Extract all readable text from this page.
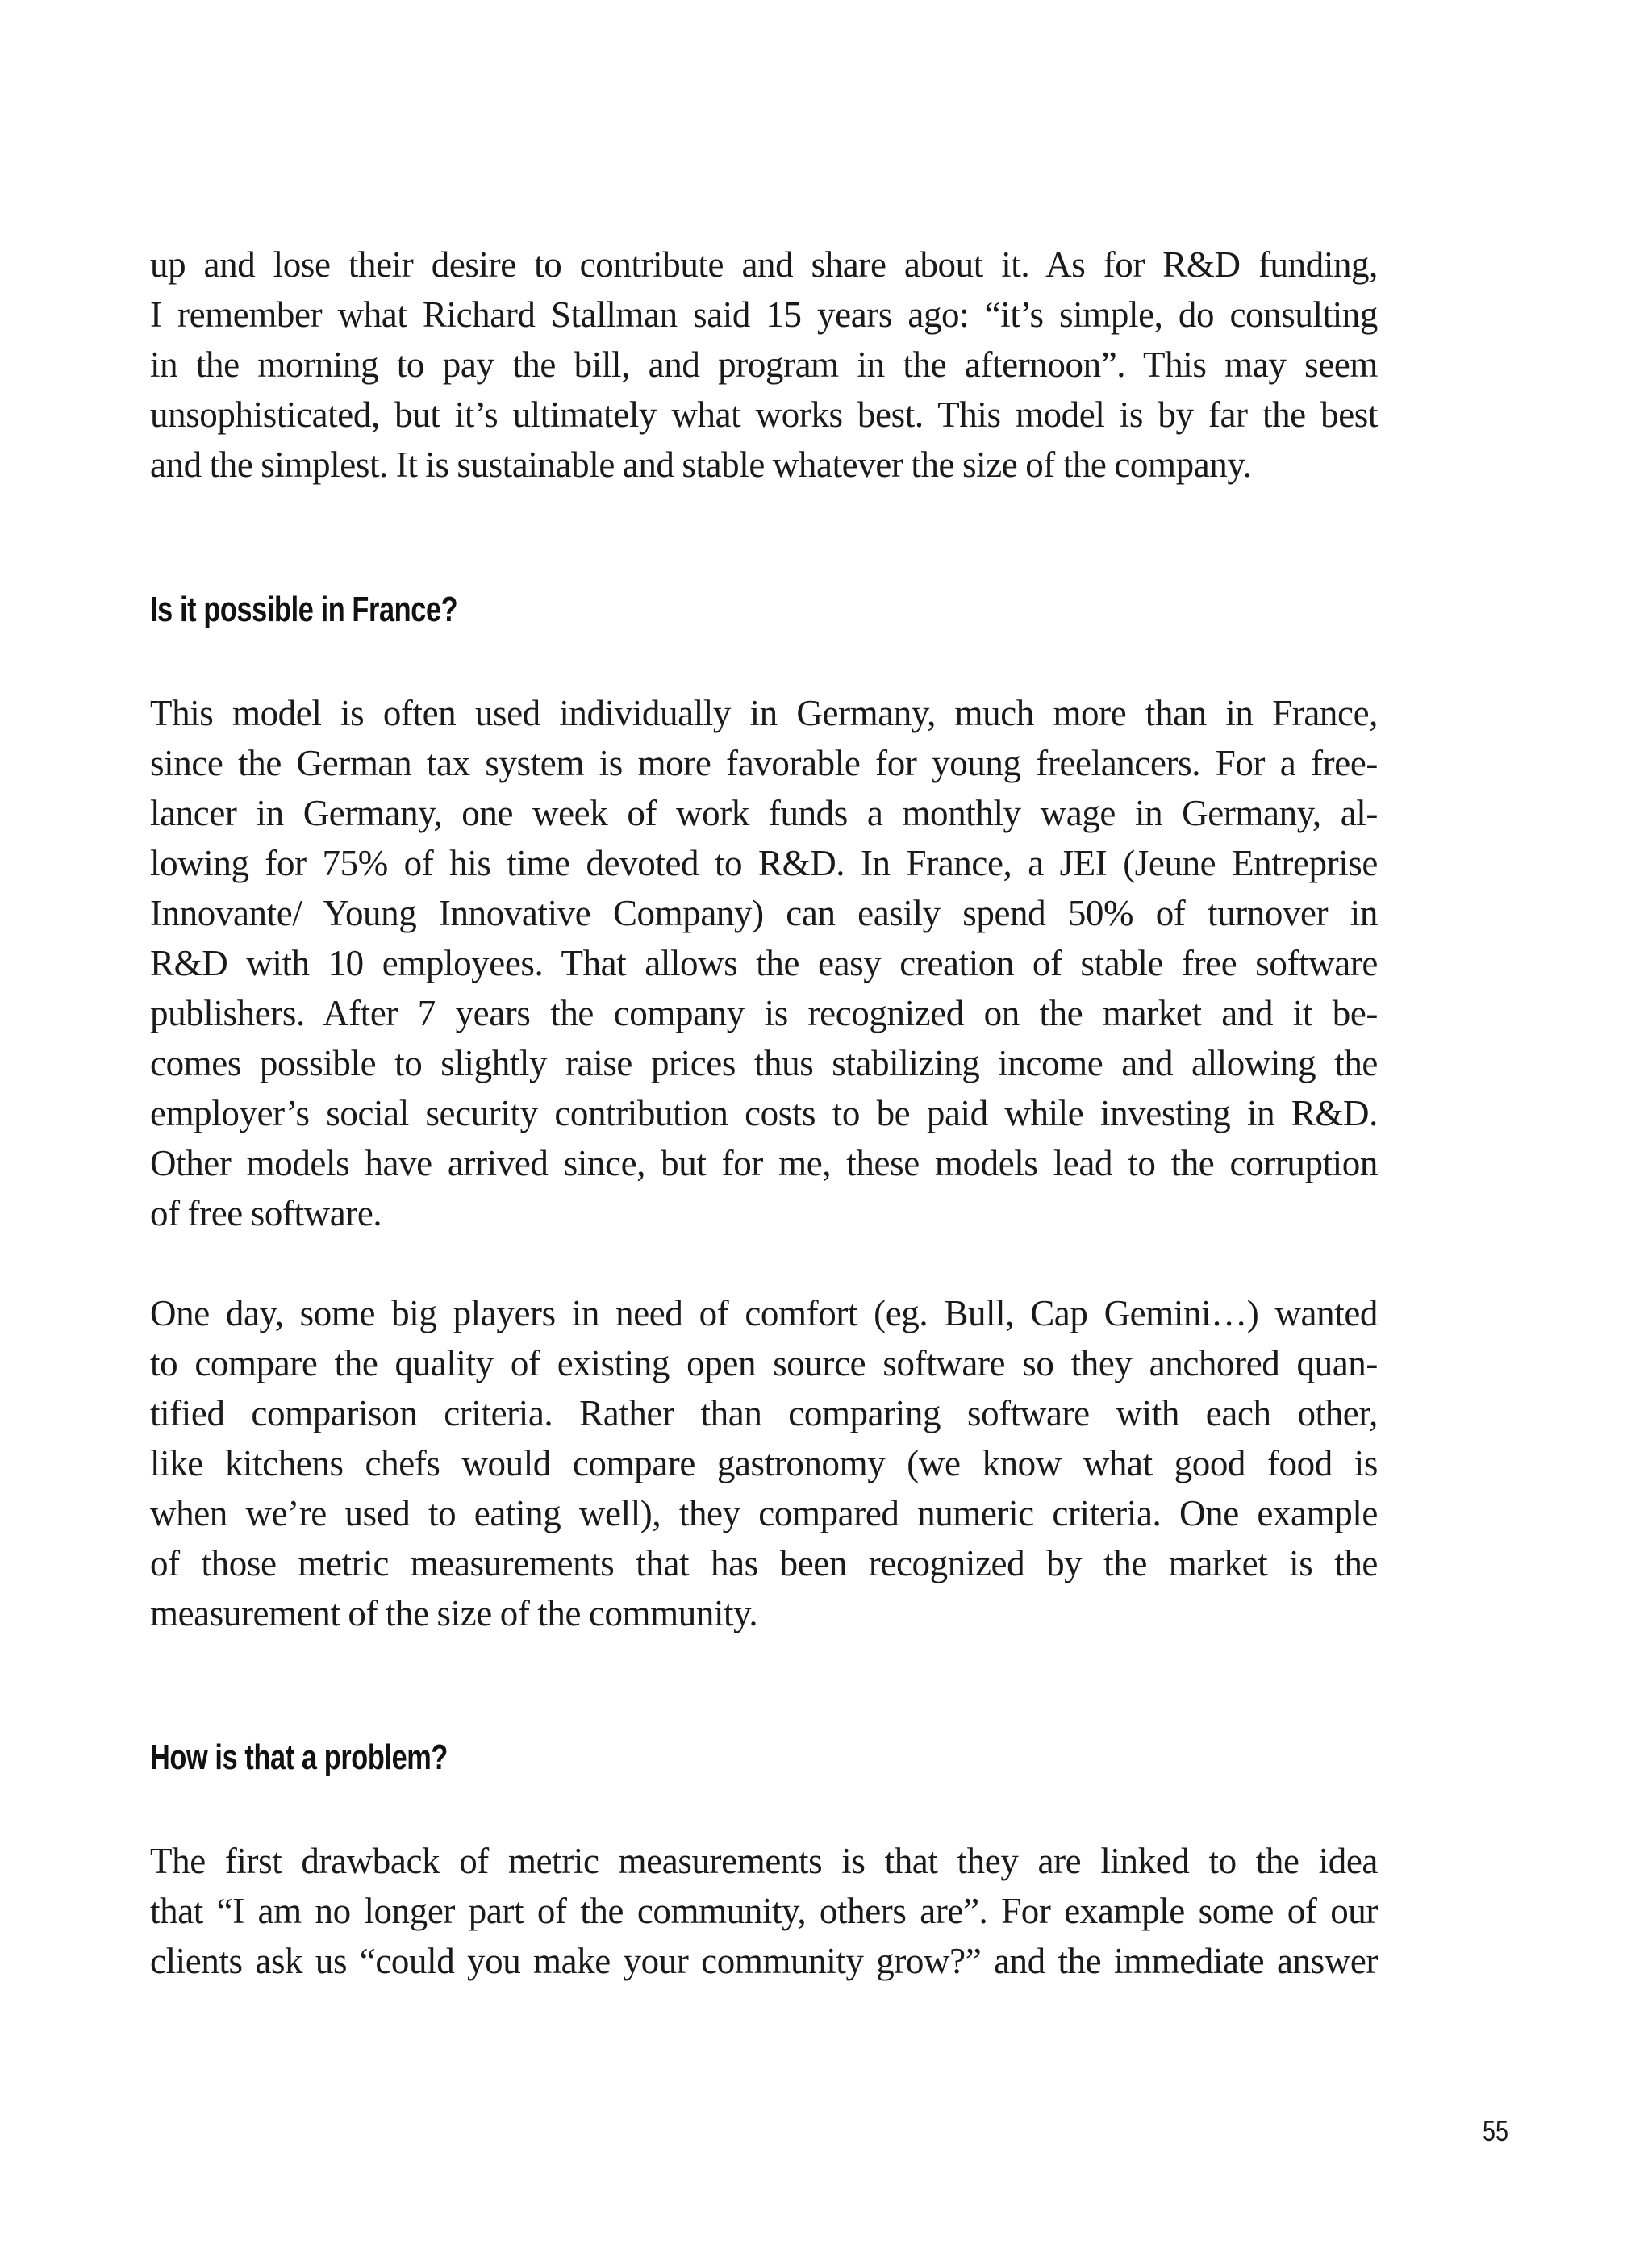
up and lose their desire to contribute and share about it. As for R&D funding,
I remember what Richard Stallman said 15 years ago: “it’s simple, do consulting
in the morning to pay the bill, and program in the afternoon”. This may seem
unsophisticated, but it’s ultimately what works best. This model is by far the best
and the simplest. It is sustainable and stable whatever the size of the company.
Is it possible in France?
This model is often used individually in Germany, much more than in France,
since the German tax system is more favorable for young freelancers. For a free-
lancer in Germany, one week of work funds a monthly wage in Germany, al-
lowing for 75% of his time devoted to R&D. In France, a JEI (Jeune Entreprise
Innovante/ Young Innovative Company) can easily spend 50% of turnover in
R&D with 10 employees. That allows the easy creation of stable free software
publishers. After 7 years the company is recognized on the market and it be-
comes possible to slightly raise prices thus stabilizing income and allowing the
employer’s social security contribution costs to be paid while investing in R&D.
Other models have arrived since, but for me, these models lead to the corruption
of free software.
One day, some big players in need of comfort (eg. Bull, Cap Gemini…) wanted
to compare the quality of existing open source software so they anchored quan-
tified comparison criteria. Rather than comparing software with each other,
like kitchens chefs would compare gastronomy (we know what good food is
when we’re used to eating well), they compared numeric criteria. One example
of those metric measurements that has been recognized by the market is the
measurement of the size of the community.
How is that a problem?
The first drawback of metric measurements is that they are linked to the idea
that “I am no longer part of the community, others are”. For example some of our
clients ask us “could you make your community grow?” and the immediate answer
55
